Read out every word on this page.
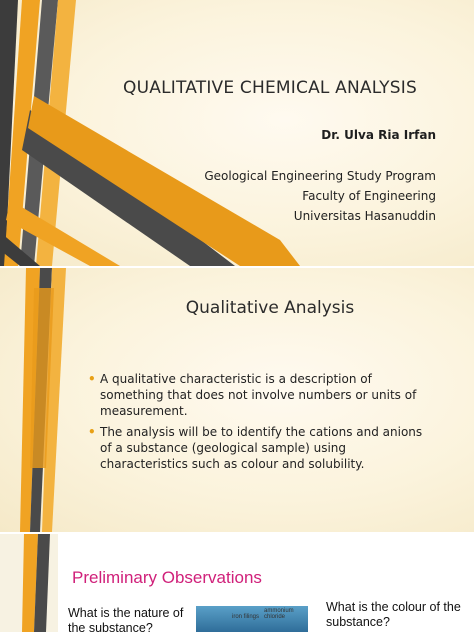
QUALITATIVE CHEMICAL ANALYSIS
Dr. Ulva Ria Irfan
Geological Engineering Study Program
Faculty of Engineering
Universitas Hasanuddin
Qualitative Analysis
• A qualitative characteristic is a description of something that does not involve numbers or units of measurement.
• The analysis will be to identify the cations and anions of a substance (geological sample) using characteristics such as colour and solubility.
Preliminary Observations
What is the nature of the substance?
iron filings
ammonium chloride
What is the colour of the substance?
